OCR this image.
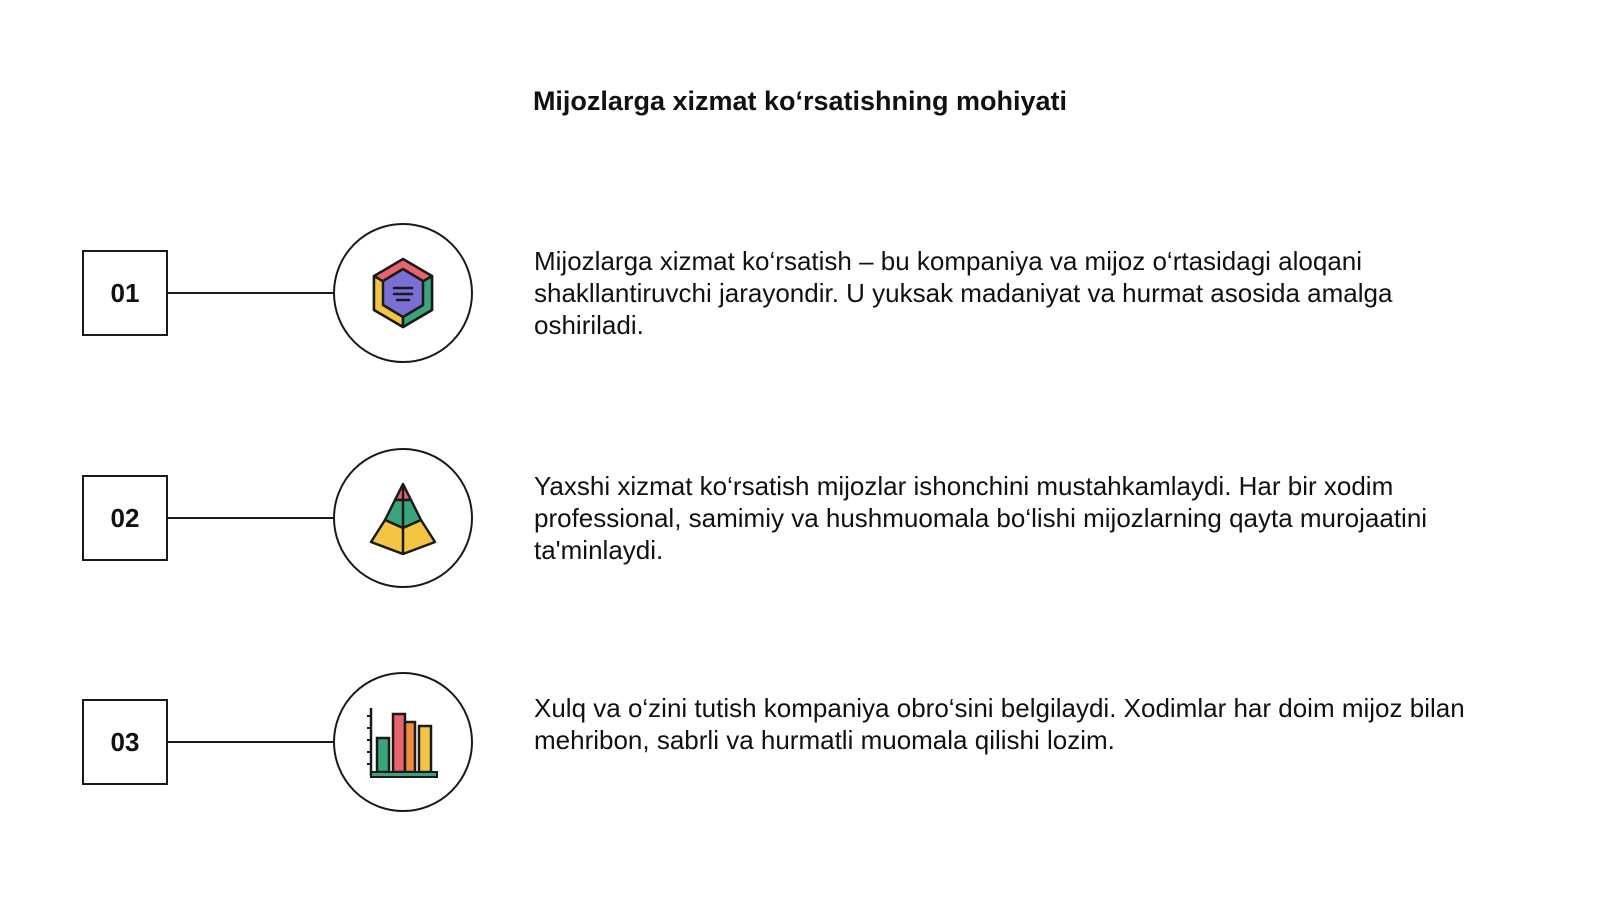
Mijozlarga xizmat ko‘rsatishning mohiyati
01
Mijozlarga xizmat ko‘rsatish – bu kompaniya va mijoz o‘rtasidagi aloqani shakllantiruvchi jarayondir. U yuksak madaniyat va hurmat asosida amalga oshiriladi.
02
Yaxshi xizmat ko‘rsatish mijozlar ishonchini mustahkamlaydi. Har bir xodim professional, samimiy va hushmuomala bo‘lishi mijozlarning qayta murojaatini ta'minlaydi.
03
Xulq va o‘zini tutish kompaniya obro‘sini belgilaydi. Xodimlar har doim mijoz bilan mehribon, sabrli va hurmatli muomala qilishi lozim.
